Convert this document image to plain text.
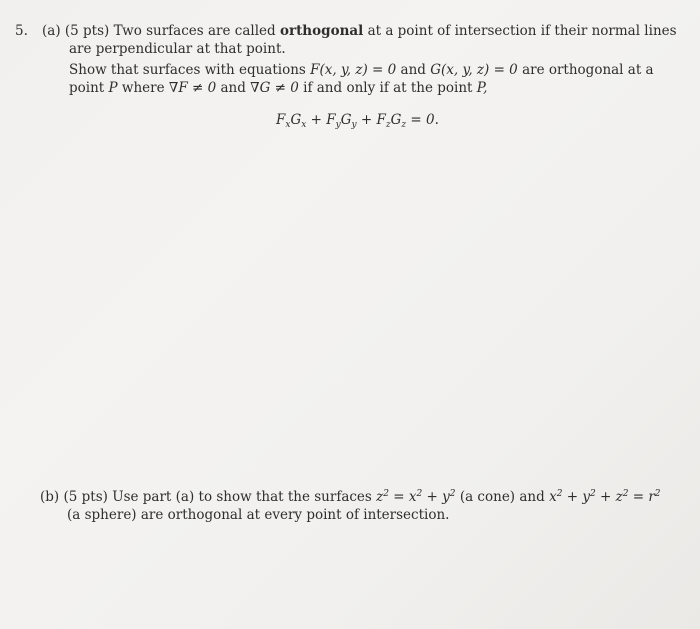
5. (a) (5 pts) Two surfaces are called orthogonal at a point of intersection if their normal lines
are perpendicular at that point.
Show that surfaces with equations F(x, y, z) = 0 and G(x, y, z) = 0 are orthogonal at a
point P where ∇F ≠ 0 and ∇G ≠ 0 if and only if at the point P,
$F_xG_x + F_yG_y + F_zG_z = 0$.
(b) (5 pts) Use part (a) to show that the surfaces $z^2 = x^2 + y^2$ (a cone) and $x^2 + y^2 + z^2 = r^2$
(a sphere) are orthogonal at every point of intersection.
